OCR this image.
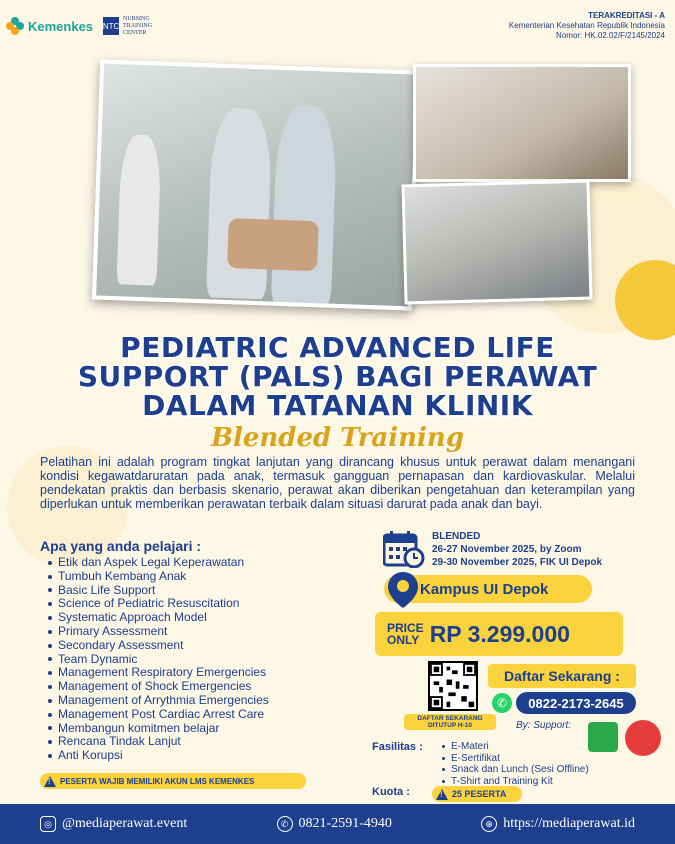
Kemenkes NTC
NURSING
TRAINING
CENTER
TERAKREDITASI - A
Kementerian Kesehatan Republik Indonesia
Nomor: HK.02.02/F/2145/2024
PEDIATRIC ADVANCED LIFE
SUPPORT (PALS) BAGI PERAWAT
DALAM TATANAN KLINIK
Blended Training

Pelatihan ini adalah program tingkat lanjutan yang dirancang khusus untuk perawat dalam menangani kondisi kegawatdaruratan pada anak, termasuk gangguan pernapasan dan kardiovaskular. Melalui pendekatan praktis dan berbasis skenario, perawat akan diberikan pengetahuan dan keterampilan yang diperlukan untuk memberikan perawatan terbaik dalam situasi darurat pada anak dan bayi.

Apa yang anda pelajari :
Etik dan Aspek Legal Keperawatan
Tumbuh Kembang Anak
Basic Life Support
Science of Pediatric Resuscitation
Systematic Approach Model
Primary Assessment
Secondary Assessment
Team Dynamic
Management Respiratory Emergencies
Management of Shock Emergencies
Management of Arrythmia Emergencies
Management Post Cardiac Arrest Care
Membangun komitmen belajar
Rencana Tindak Lanjut
Anti Korupsi
!
PESERTA WAJIB MEMILIKI AKUN LMS KEMENKES
BLENDED
26-27 November 2025, by Zoom
29-30 November 2025, FIK UI Depok
Kampus UI Depok
PRICE
ONLY RP 3.299.000
DAFTAR SEKARANG
DITUTUP H-10
Daftar Sekarang :
✆	0822-2173-2645
By: Support:
Fasilitas :	E-Materi
E-Sertifikat
Snack dan Lunch (Sesi Offline)
T-Shirt and Training Kit
Kuota :
!	25 PESERTA
◎ @mediaperawat.event	✆ 0821-2591-4940	⊕ https://mediaperawat.id
